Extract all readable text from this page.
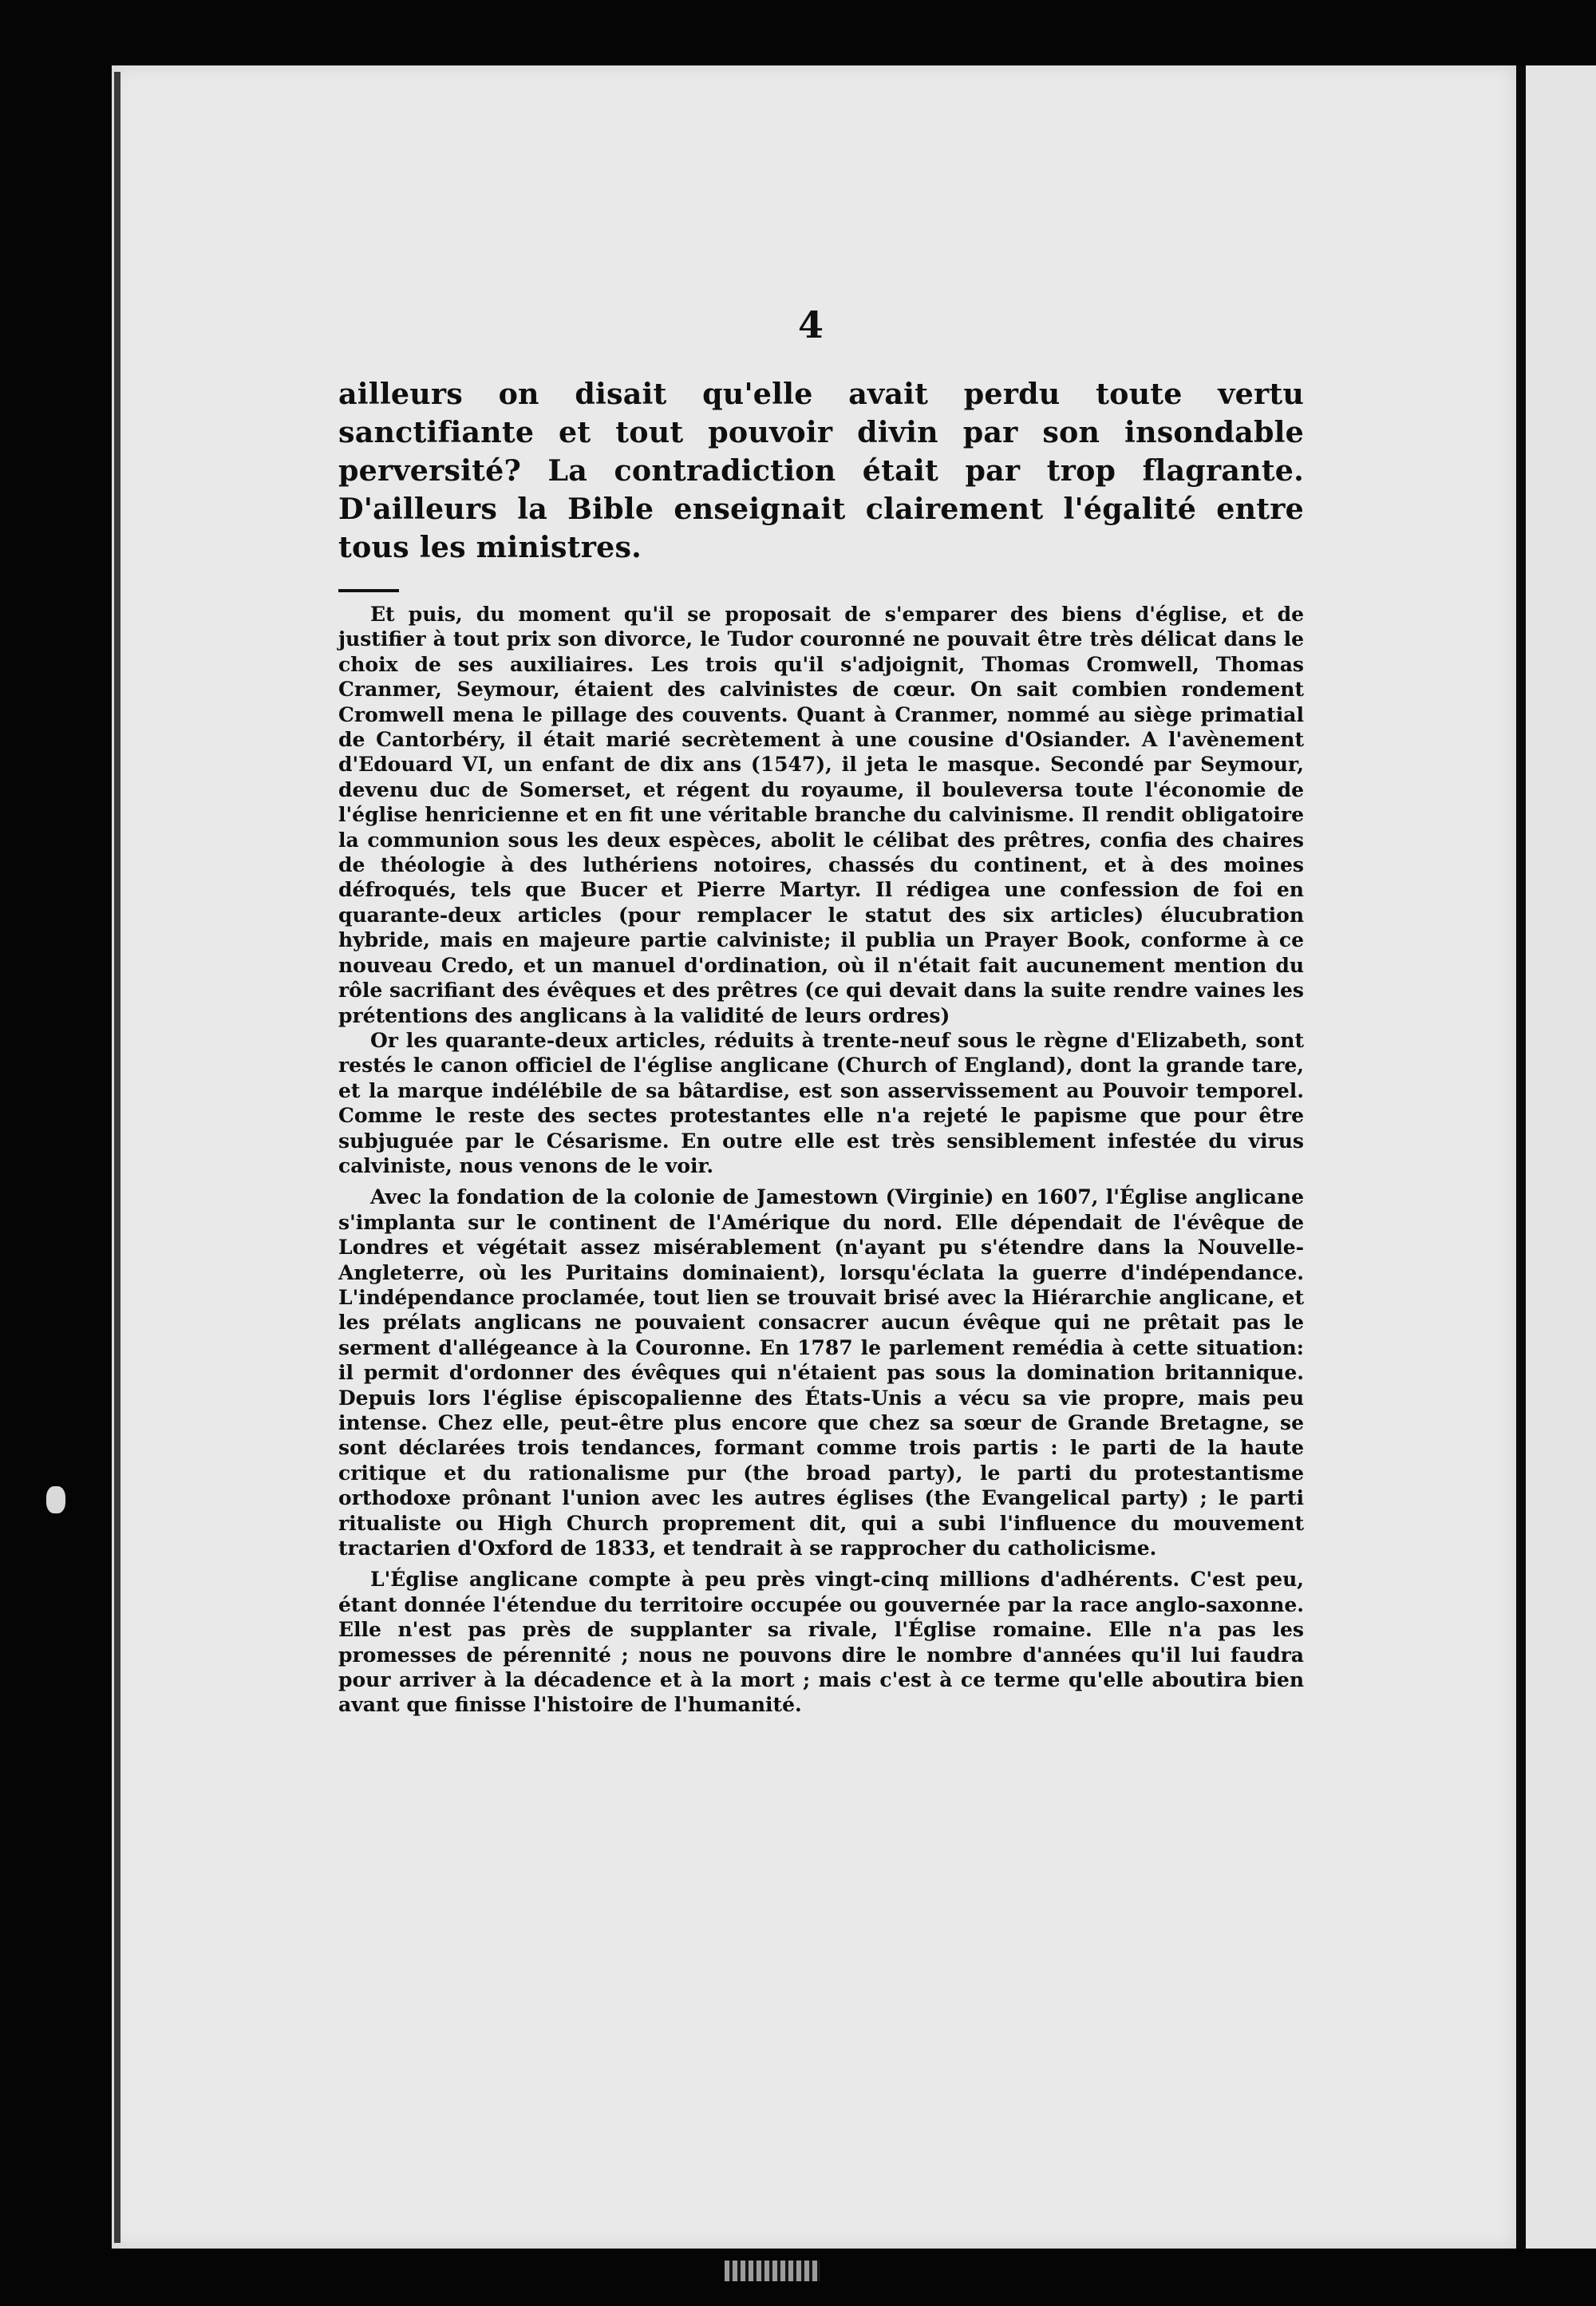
4

ailleurs on disait qu'elle avait perdu toute vertu sanctifiante et tout pouvoir divin par son insondable perversité? La contradiction était par trop flagrante. D'ailleurs la Bible enseignait clairement l'égalité entre tous les ministres.

Et puis, du moment qu'il se proposait de s'emparer des biens d'église, et de justifier à tout prix son divorce, le Tudor couronné ne pouvait être très délicat dans le choix de ses auxiliaires. Les trois qu'il s'adjoignit, Thomas Cromwell, Thomas Cranmer, Seymour, étaient des calvinistes de cœur. On sait combien rondement Cromwell mena le pillage des couvents. Quant à Cranmer, nommé au siège primatial de Cantorbéry, il était marié secrètement à une cousine d'Osiander. A l'avènement d'Edouard VI, un enfant de dix ans (1547), il jeta le masque. Secondé par Seymour, devenu duc de Somerset, et régent du royaume, il bouleversa toute l'économie de l'église henricienne et en fit une véritable branche du calvinisme. Il rendit obligatoire la communion sous les deux espèces, abolit le célibat des prêtres, confia des chaires de théologie à des luthériens notoires, chassés du continent, et à des moines défroqués, tels que Bucer et Pierre Martyr. Il rédigea une confession de foi en quarante-deux articles (pour remplacer le statut des six articles) élucubration hybride, mais en majeure partie calviniste; il publia un Prayer Book, conforme à ce nouveau Credo, et un manuel d'ordination, où il n'était fait aucunement mention du rôle sacrifiant des évêques et des prêtres (ce qui devait dans la suite rendre vaines les prétentions des anglicans à la validité de leurs ordres)

Or les quarante-deux articles, réduits à trente-neuf sous le règne d'Elizabeth, sont restés le canon officiel de l'église anglicane (Church of England), dont la grande tare, et la marque indélébile de sa bâtardise, est son asservissement au Pouvoir temporel. Comme le reste des sectes protestantes elle n'a rejeté le papisme que pour être subjuguée par le Césarisme. En outre elle est très sensiblement infestée du virus calviniste, nous venons de le voir.

Avec la fondation de la colonie de Jamestown (Virginie) en 1607, l'Église anglicane s'implanta sur le continent de l'Amérique du nord. Elle dépendait de l'évêque de Londres et végétait assez misérablement (n'ayant pu s'étendre dans la Nouvelle-Angleterre, où les Puritains dominaient), lorsqu'éclata la guerre d'indépendance. L'indépendance proclamée, tout lien se trouvait brisé avec la Hiérarchie anglicane, et les prélats anglicans ne pouvaient consacrer aucun évêque qui ne prêtait pas le serment d'allégeance à la Couronne. En 1787 le parlement remédia à cette situation: il permit d'ordonner des évêques qui n'étaient pas sous la domination britannique. Depuis lors l'église épiscopalienne des États-Unis a vécu sa vie propre, mais peu intense. Chez elle, peut-être plus encore que chez sa sœur de Grande Bretagne, se sont déclarées trois tendances, formant comme trois partis : le parti de la haute critique et du rationalisme pur (the broad party), le parti du protestantisme orthodoxe prônant l'union avec les autres églises (the Evangelical party) ; le parti ritualiste ou High Church proprement dit, qui a subi l'influence du mouvement tractarien d'Oxford de 1833, et tendrait à se rapprocher du catholicisme.

L'Église anglicane compte à peu près vingt-cinq millions d'adhérents. C'est peu, étant donnée l'étendue du territoire occupée ou gouvernée par la race anglo-saxonne. Elle n'est pas près de supplanter sa rivale, l'Église romaine. Elle n'a pas les promesses de pérennité ; nous ne pouvons dire le nombre d'années qu'il lui faudra pour arriver à la décadence et à la mort ; mais c'est à ce terme qu'elle aboutira bien avant que finisse l'histoire de l'humanité.
